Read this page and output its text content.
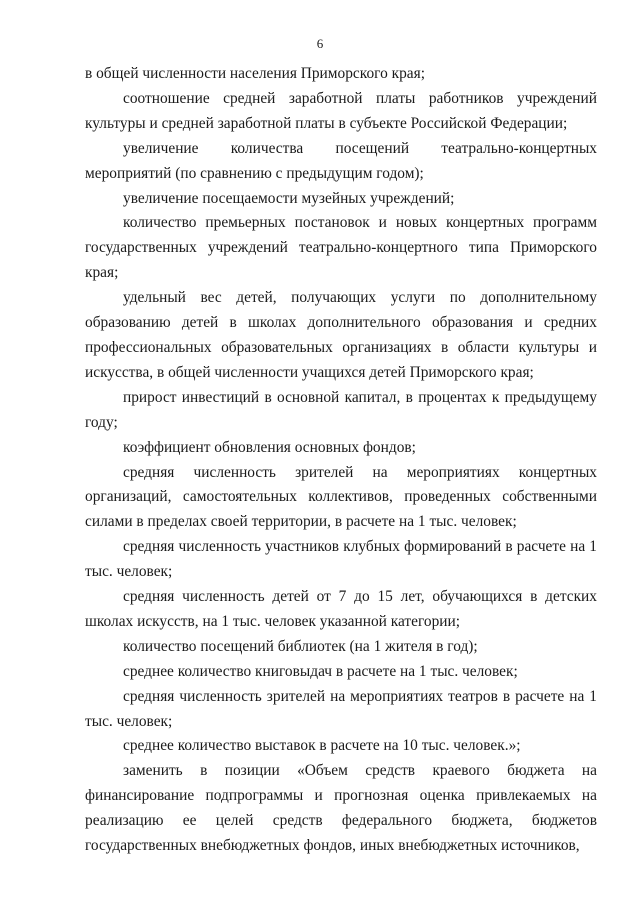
6

в общей численности населения Приморского края;

соотношение средней заработной платы работников учреждений культуры и средней заработной платы в субъекте Российской Федерации;

увеличение количества посещений театрально-концертных мероприятий (по сравнению с предыдущим годом);

увеличение посещаемости музейных учреждений;

количество премьерных постановок и новых концертных программ государственных учреждений театрально-концертного типа Приморского края;

удельный вес детей, получающих услуги по дополнительному образованию детей в школах дополнительного образования и средних профессиональных образовательных организациях в области культуры и искусства, в общей численности учащихся детей Приморского края;

прирост инвестиций в основной капитал, в процентах к предыдущему году;

коэффициент обновления основных фондов;

средняя численность зрителей на мероприятиях концертных организаций, самостоятельных коллективов, проведенных собственными силами в пределах своей территории, в расчете на 1 тыс. человек;

средняя численность участников клубных формирований в расчете на 1 тыс. человек;

средняя численность детей от 7 до 15 лет, обучающихся в детских школах искусств, на 1 тыс. человек указанной категории;

количество посещений библиотек (на 1 жителя в год);

среднее количество книговыдач в расчете на 1 тыс. человек;

средняя численность зрителей на мероприятиях театров в расчете на 1 тыс. человек;

среднее количество выставок в расчете на 10 тыс. человек.»;

заменить в позиции «Объем средств краевого бюджета на финансирование подпрограммы и прогнозная оценка привлекаемых на реализацию ее целей средств федерального бюджета, бюджетов государственных внебюджетных фондов, иных внебюджетных источников,
